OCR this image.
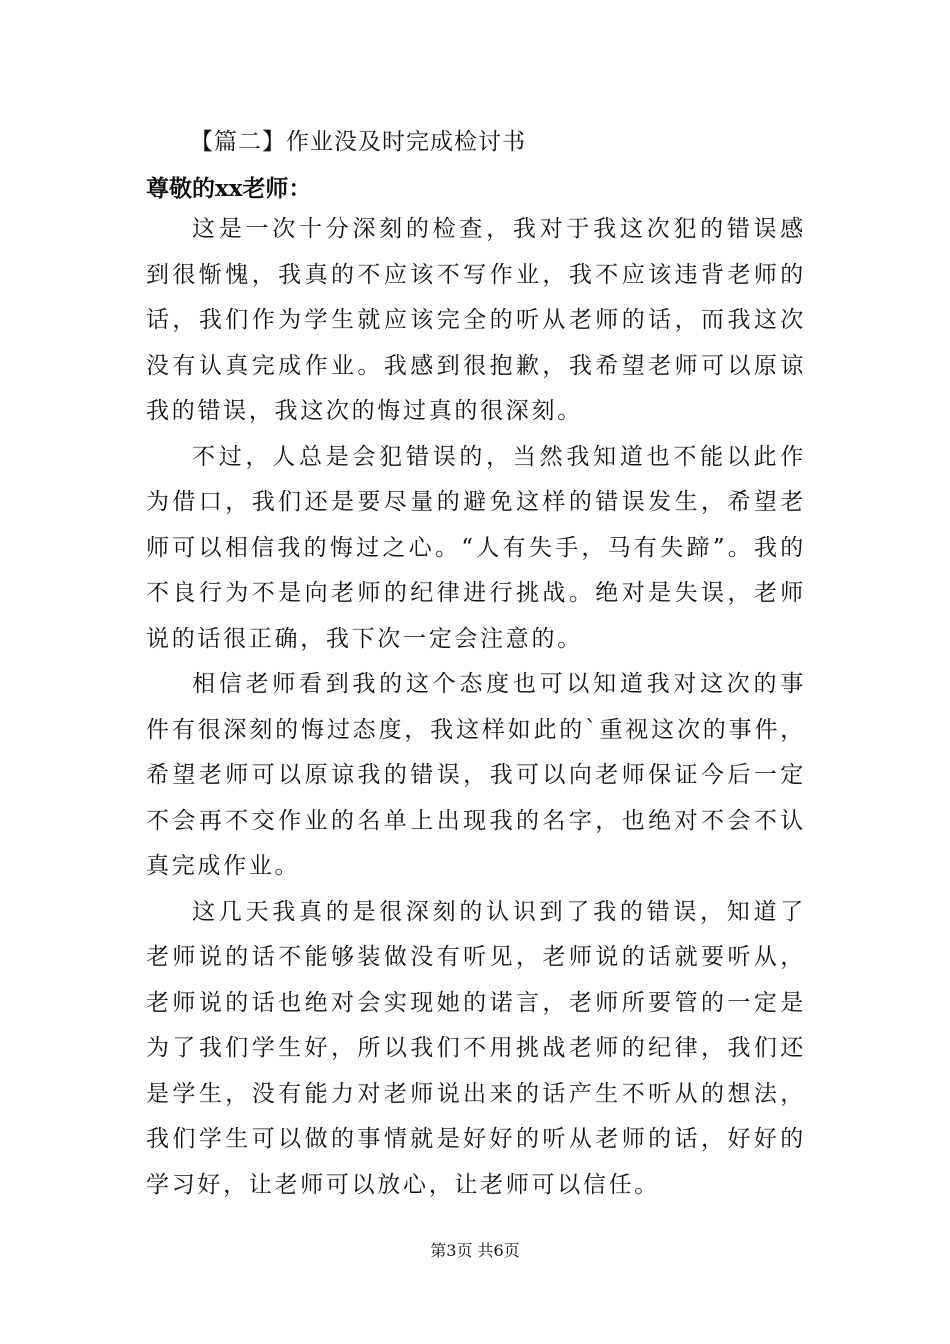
【篇二】作业没及时完成检讨书
尊敬的xx老师：

这是一次十分深刻的检查，我对于我这次犯的错误感到很惭愧，我真的不应该不写作业，我不应该违背老师的话，我们作为学生就应该完全的听从老师的话，而我这次没有认真完成作业。我感到很抱歉，我希望老师可以原谅我的错误，我这次的悔过真的很深刻。

不过，人总是会犯错误的，当然我知道也不能以此作为借口，我们还是要尽量的避免这样的错误发生，希望老师可以相信我的悔过之心。“人有失手，马有失蹄”。我的不良行为不是向老师的纪律进行挑战。绝对是失误，老师说的话很正确，我下次一定会注意的。

相信老师看到我的这个态度也可以知道我对这次的事件有很深刻的悔过态度，我这样如此的`重视这次的事件，希望老师可以原谅我的错误，我可以向老师保证今后一定不会再不交作业的名单上出现我的名字，也绝对不会不认真完成作业。

这几天我真的是很深刻的认识到了我的错误，知道了老师说的话不能够装做没有听见，老师说的话就要听从，老师说的话也绝对会实现她的诺言，老师所要管的一定是为了我们学生好，所以我们不用挑战老师的纪律，我们还是学生，没有能力对老师说出来的话产生不听从的想法，我们学生可以做的事情就是好好的听从老师的话，好好的学习好，让老师可以放心，让老师可以信任。

第3页 共6页
